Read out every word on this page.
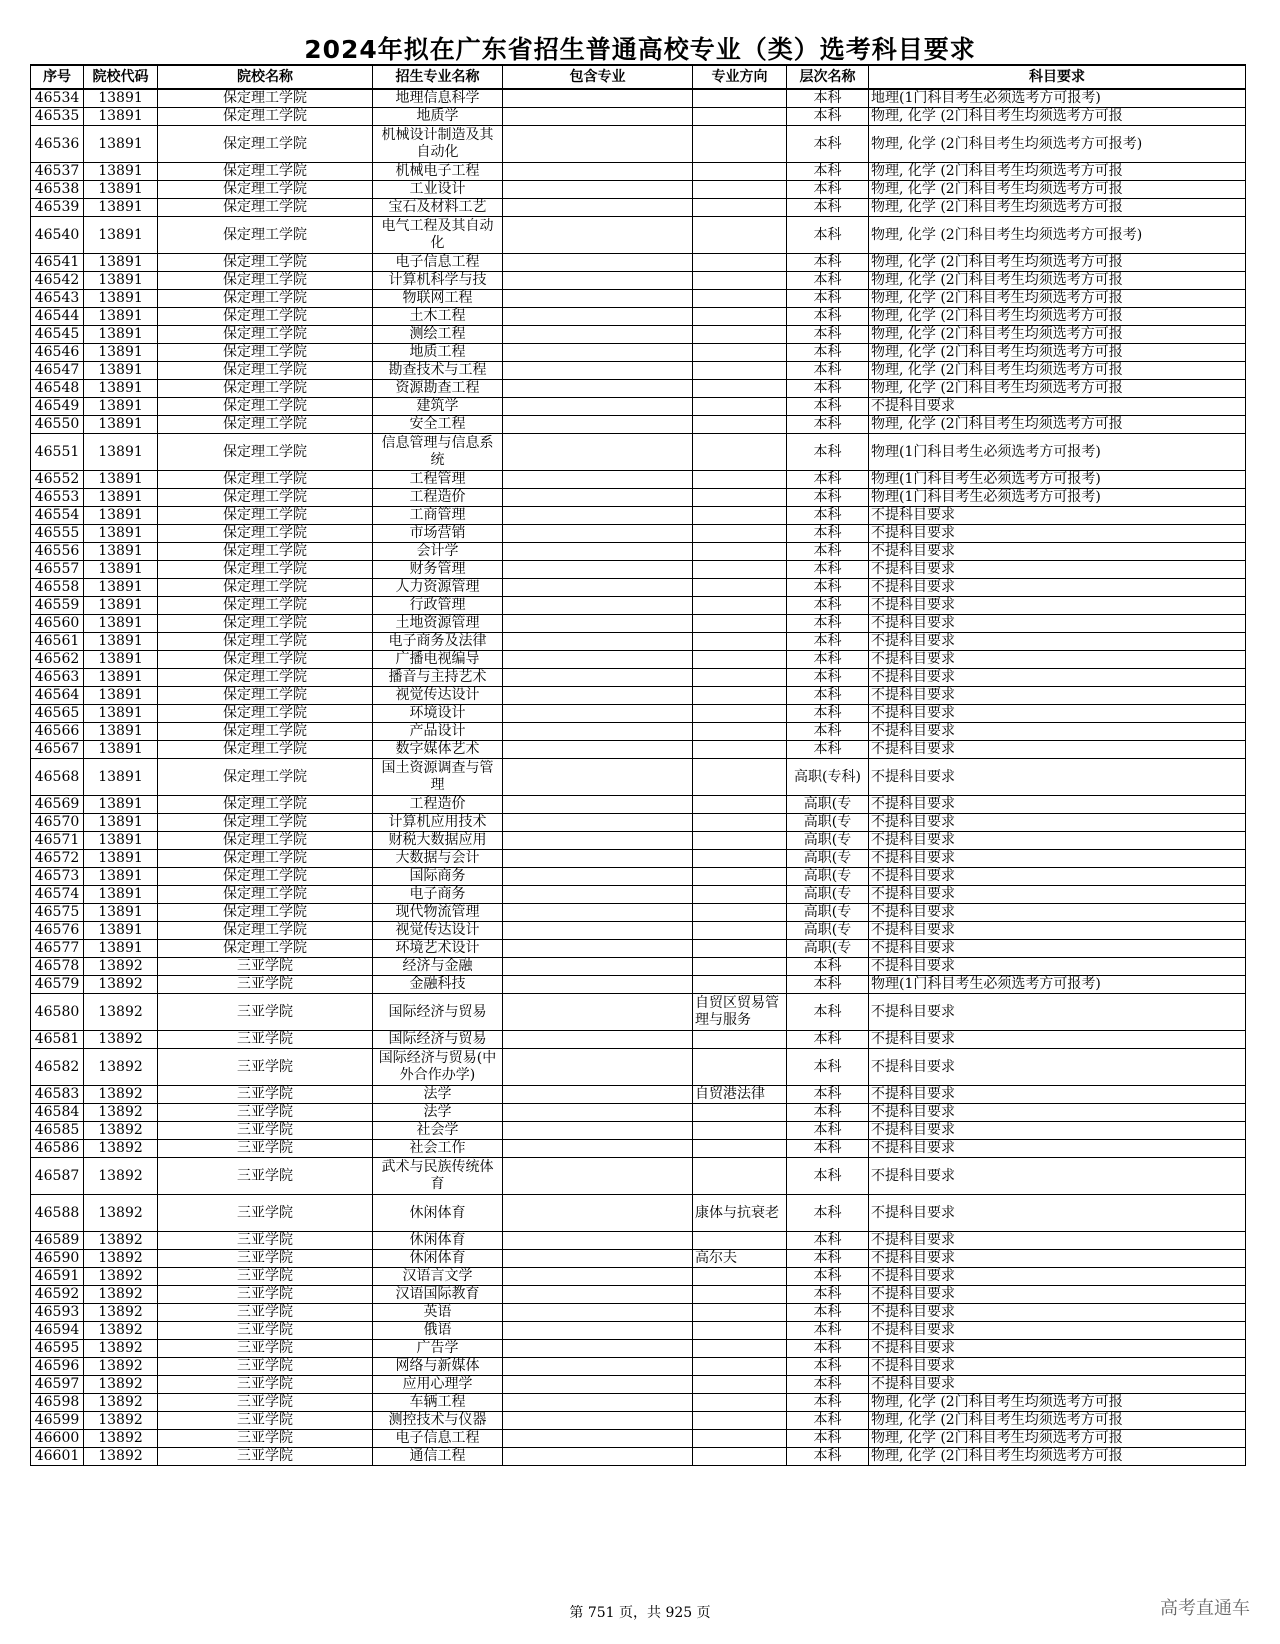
2024年拟在广东省招生普通高校专业（类）选考科目要求
序号	院校代码	院校名称	招生专业名称	包含专业	专业方向	层次名称	科目要求
46534	13891	保定理工学院	地理信息科学			本科	地理(1门科目考生必须选考方可报考)
46535	13891	保定理工学院	地质学			本科	物理, 化学 (2门科目考生均须选考方可报
46536	13891	保定理工学院	机械设计制造及其自动化			本科	物理, 化学 (2门科目考生均须选考方可报考)
46537	13891	保定理工学院	机械电子工程			本科	物理, 化学 (2门科目考生均须选考方可报
46538	13891	保定理工学院	工业设计			本科	物理, 化学 (2门科目考生均须选考方可报
46539	13891	保定理工学院	宝石及材料工艺			本科	物理, 化学 (2门科目考生均须选考方可报
46540	13891	保定理工学院	电气工程及其自动化			本科	物理, 化学 (2门科目考生均须选考方可报考)
46541	13891	保定理工学院	电子信息工程			本科	物理, 化学 (2门科目考生均须选考方可报
46542	13891	保定理工学院	计算机科学与技			本科	物理, 化学 (2门科目考生均须选考方可报
46543	13891	保定理工学院	物联网工程			本科	物理, 化学 (2门科目考生均须选考方可报
46544	13891	保定理工学院	土木工程			本科	物理, 化学 (2门科目考生均须选考方可报
46545	13891	保定理工学院	测绘工程			本科	物理, 化学 (2门科目考生均须选考方可报
46546	13891	保定理工学院	地质工程			本科	物理, 化学 (2门科目考生均须选考方可报
46547	13891	保定理工学院	勘查技术与工程			本科	物理, 化学 (2门科目考生均须选考方可报
46548	13891	保定理工学院	资源勘查工程			本科	物理, 化学 (2门科目考生均须选考方可报
46549	13891	保定理工学院	建筑学			本科	不提科目要求
46550	13891	保定理工学院	安全工程			本科	物理, 化学 (2门科目考生均须选考方可报
46551	13891	保定理工学院	信息管理与信息系统			本科	物理(1门科目考生必须选考方可报考)
46552	13891	保定理工学院	工程管理			本科	物理(1门科目考生必须选考方可报考)
46553	13891	保定理工学院	工程造价			本科	物理(1门科目考生必须选考方可报考)
46554	13891	保定理工学院	工商管理			本科	不提科目要求
46555	13891	保定理工学院	市场营销			本科	不提科目要求
46556	13891	保定理工学院	会计学			本科	不提科目要求
46557	13891	保定理工学院	财务管理			本科	不提科目要求
46558	13891	保定理工学院	人力资源管理			本科	不提科目要求
46559	13891	保定理工学院	行政管理			本科	不提科目要求
46560	13891	保定理工学院	土地资源管理			本科	不提科目要求
46561	13891	保定理工学院	电子商务及法律			本科	不提科目要求
46562	13891	保定理工学院	广播电视编导			本科	不提科目要求
46563	13891	保定理工学院	播音与主持艺术			本科	不提科目要求
46564	13891	保定理工学院	视觉传达设计			本科	不提科目要求
46565	13891	保定理工学院	环境设计			本科	不提科目要求
46566	13891	保定理工学院	产品设计			本科	不提科目要求
46567	13891	保定理工学院	数字媒体艺术			本科	不提科目要求
46568	13891	保定理工学院	国土资源调查与管理			高职(专科)	不提科目要求
46569	13891	保定理工学院	工程造价			高职(专	不提科目要求
46570	13891	保定理工学院	计算机应用技术			高职(专	不提科目要求
46571	13891	保定理工学院	财税大数据应用			高职(专	不提科目要求
46572	13891	保定理工学院	大数据与会计			高职(专	不提科目要求
46573	13891	保定理工学院	国际商务			高职(专	不提科目要求
46574	13891	保定理工学院	电子商务			高职(专	不提科目要求
46575	13891	保定理工学院	现代物流管理			高职(专	不提科目要求
46576	13891	保定理工学院	视觉传达设计			高职(专	不提科目要求
46577	13891	保定理工学院	环境艺术设计			高职(专	不提科目要求
46578	13892	三亚学院	经济与金融			本科	不提科目要求
46579	13892	三亚学院	金融科技			本科	物理(1门科目考生必须选考方可报考)
46580	13892	三亚学院	国际经济与贸易		自贸区贸易管理与服务	本科	不提科目要求
46581	13892	三亚学院	国际经济与贸易			本科	不提科目要求
46582	13892	三亚学院	国际经济与贸易(中外合作办学)			本科	不提科目要求
46583	13892	三亚学院	法学		自贸港法律	本科	不提科目要求
46584	13892	三亚学院	法学			本科	不提科目要求
46585	13892	三亚学院	社会学			本科	不提科目要求
46586	13892	三亚学院	社会工作			本科	不提科目要求
46587	13892	三亚学院	武术与民族传统体育			本科	不提科目要求
46588	13892	三亚学院	休闲体育		康体与抗衰老	本科	不提科目要求
46589	13892	三亚学院	休闲体育			本科	不提科目要求
46590	13892	三亚学院	休闲体育		高尔夫	本科	不提科目要求
46591	13892	三亚学院	汉语言文学			本科	不提科目要求
46592	13892	三亚学院	汉语国际教育			本科	不提科目要求
46593	13892	三亚学院	英语			本科	不提科目要求
46594	13892	三亚学院	俄语			本科	不提科目要求
46595	13892	三亚学院	广告学			本科	不提科目要求
46596	13892	三亚学院	网络与新媒体			本科	不提科目要求
46597	13892	三亚学院	应用心理学			本科	不提科目要求
46598	13892	三亚学院	车辆工程			本科	物理, 化学 (2门科目考生均须选考方可报
46599	13892	三亚学院	测控技术与仪器			本科	物理, 化学 (2门科目考生均须选考方可报
46600	13892	三亚学院	电子信息工程			本科	物理, 化学 (2门科目考生均须选考方可报
46601	13892	三亚学院	通信工程			本科	物理, 化学 (2门科目考生均须选考方可报
第 751 页，共 925 页	高考直通车
